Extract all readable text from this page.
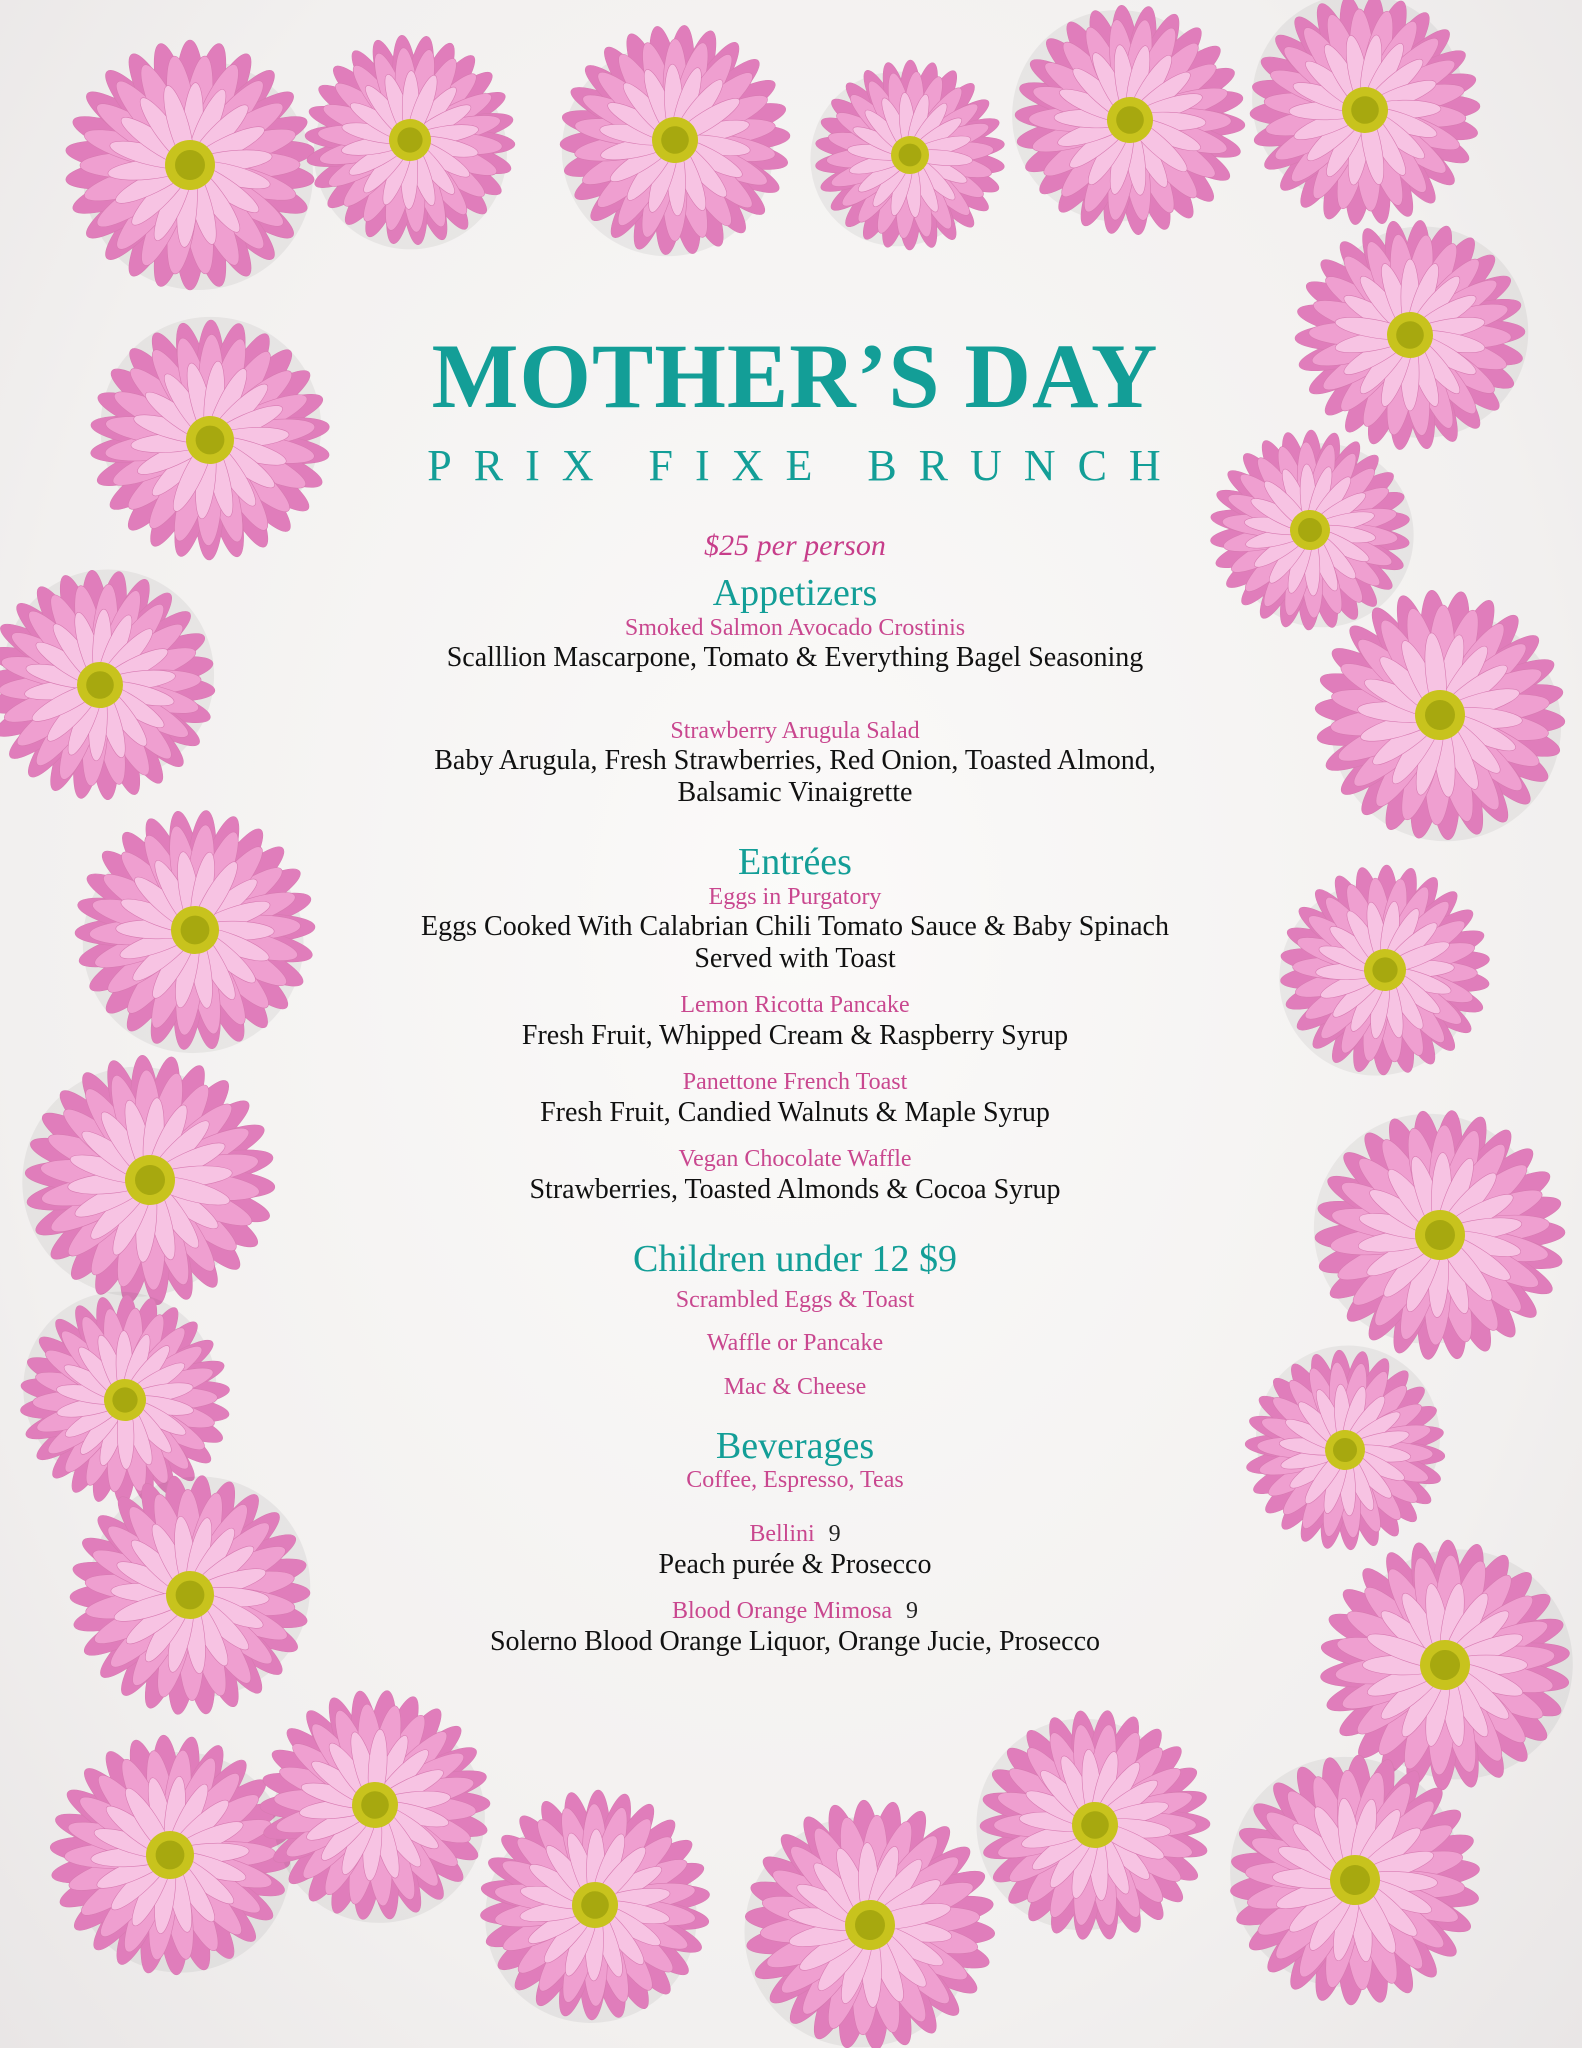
MOTHER’S DAY
PRIX FIXE BRUNCH
$25 per person
Appetizers
Smoked Salmon Avocado Crostinis
Scalllion Mascarpone, Tomato & Everything Bagel Seasoning
Strawberry Arugula Salad
Baby Arugula, Fresh Strawberries, Red Onion, Toasted Almond,
Balsamic Vinaigrette
Entrées
Eggs in Purgatory
Eggs Cooked With Calabrian Chili Tomato Sauce & Baby Spinach
Served with Toast
Lemon Ricotta Pancake
Fresh Fruit, Whipped Cream & Raspberry Syrup
Panettone French Toast
Fresh Fruit, Candied Walnuts & Maple Syrup
Vegan Chocolate Waffle
Strawberries, Toasted Almonds & Cocoa Syrup
Children under 12 $9
Scrambled Eggs & Toast
Waffle or Pancake
Mac & Cheese
Beverages
Coffee, Espresso, Teas
Bellini 9
Peach purée & Prosecco
Blood Orange Mimosa 9
Solerno Blood Orange Liquor, Orange Jucie, Prosecco
